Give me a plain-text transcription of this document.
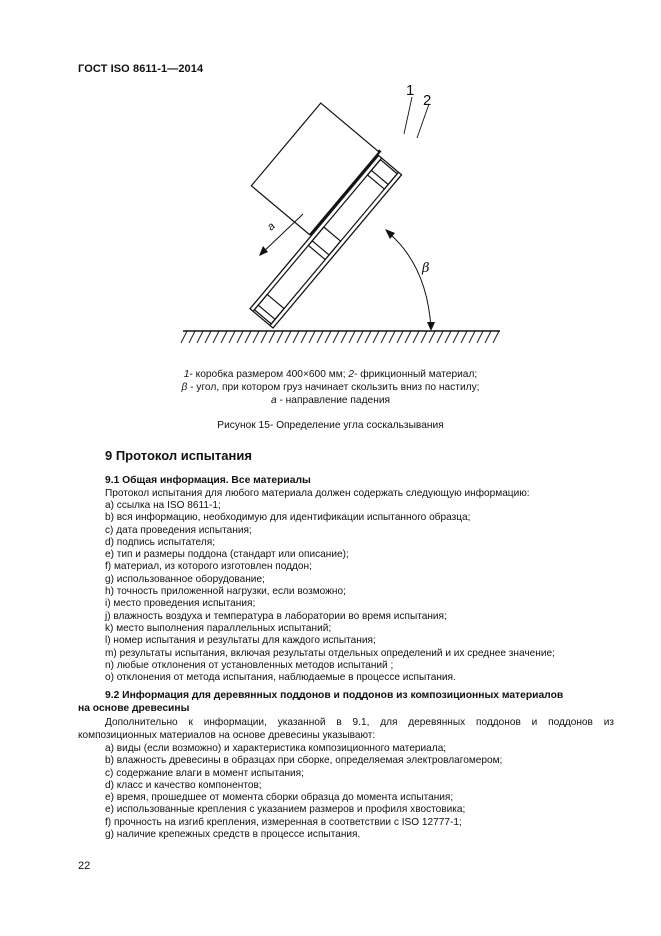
ГОСТ ISO 8611-1—2014
1
2
β
a
1- коробка размером 400×600 мм; 2- фрикционный материал;
β - угол, при котором груз начинает скользить вниз по настилу;
a - направление падения
Рисунок 15- Определение угла соскальзывания
9 Протокол испытания
9.1 Общая информация. Все материалы
Протокол испытания для любого материала должен содержать следующую информацию:
a) ссылка на ISO 8611-1;
b) вся информацию, необходимую для идентификации испытанного образца;
c) дата проведения испытания;
d) подпись испытателя;
e) тип и размеры поддона (стандарт или описание);
f) материал, из которого изготовлен поддон;
g) использованное оборудование;
h) точность приложенной нагрузки, если возможно;
i) место проведения испытания;
j) влажность воздуха и температура в лаборатории во время испытания;
k) место выполнения параллельных испытаний;
l) номер испытания и результаты для каждого испытания;
m) результаты испытания, включая результаты отдельных определений и их среднее значение;
n) любые отклонения от установленных методов испытаний ;
o) отклонения от метода испытания, наблюдаемые в процессе испытания.
9.2 Информация для деревянных поддонов и поддонов из композиционных материалов
на основе древесины
Дополнительно к информации, указанной в 9.1, для деревянных поддонов и поддонов из
композиционных материалов на основе древесины указывают:
a) виды (если возможно) и характеристика композиционного материала;
b) влажность древесины в образцах при сборке, определяемая электровлагомером;
c) содержание влаги в момент испытания;
d) класс и качество компонентов;
e) время, прошедшее от момента сборки образца до момента испытания;
e) использованные крепления с указанием размеров и профиля хвостовика;
f) прочность на изгиб крепления, измеренная в соответствии с ISO 12777-1;
g) наличие крепежных средств в процессе испытания.
22
